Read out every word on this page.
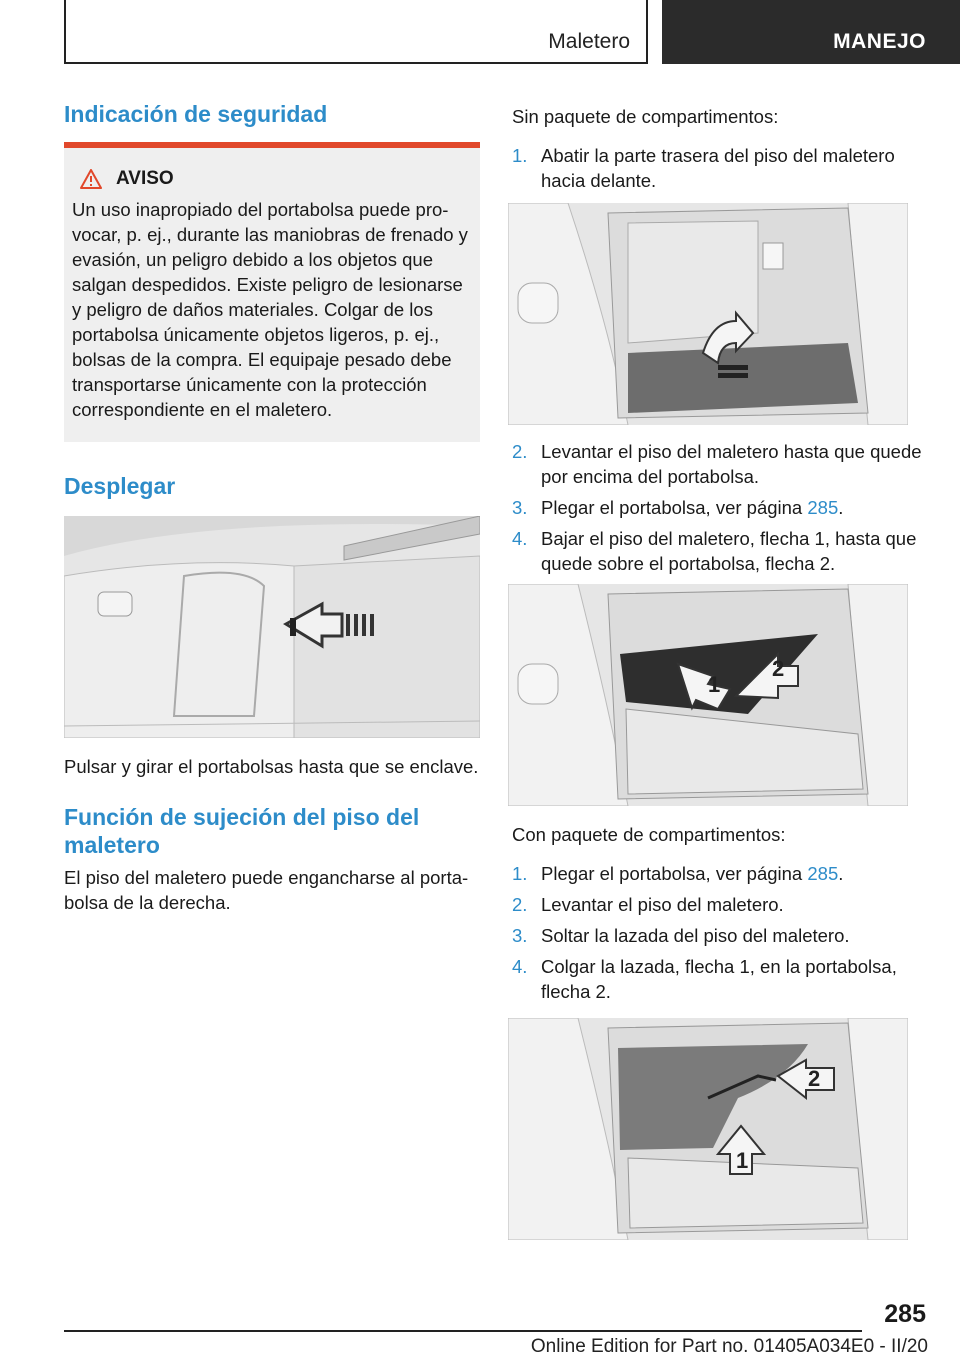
Maletero	MANEJO
Indicación de seguridad
AVISO

Un uso inapropiado del portabolsa puede provocar, p. ej., durante las maniobras de frenado y evasión, un peligro debido a los objetos que salgan despedidos. Existe peligro de lesionarse y peligro de daños materiales. Colgar de los portabolsa únicamente objetos ligeros, p. ej., bolsas de la compra. El equipaje pesado debe transportarse únicamente con la protección correspondiente en el maletero.

Desplegar

Pulsar y girar el portabolsas hasta que se enclave.

Función de sujeción del piso del maletero

El piso del maletero puede engancharse al portabolsa de la derecha.

Sin paquete de compartimentos:

1. Abatir la parte trasera del piso del maletero hacia delante.
2. Levantar el piso del maletero hasta que quede por encima del portabolsa.
3. Plegar el portabolsa, ver página 285.
4. Bajar el piso del maletero, flecha 1, hasta que quede sobre el portabolsa, flecha 2.
1
2

Con paquete de compartimentos:

1. Plegar el portabolsa, ver página 285.
2. Levantar el piso del maletero.
3. Soltar la lazada del piso del maletero.
4. Colgar la lazada, flecha 1, en la portabolsa, flecha 2.
1
2
285
Online Edition for Part no. 01405A034E0 - II/20
